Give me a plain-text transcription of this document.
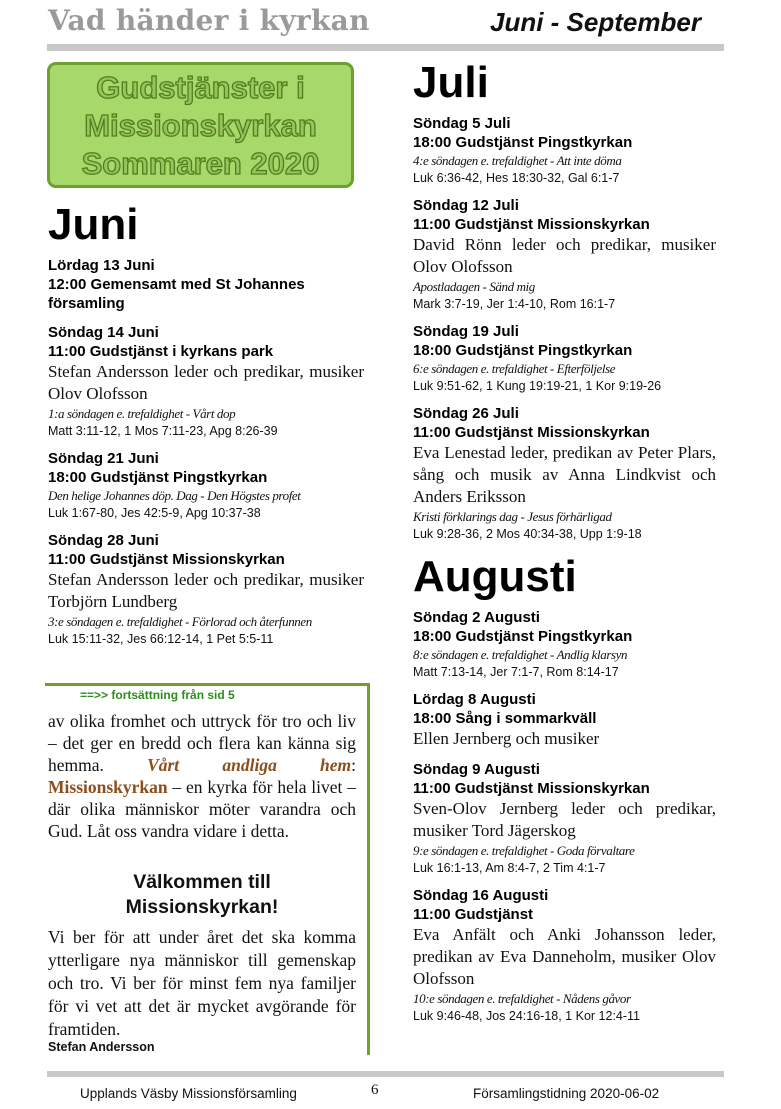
Vad händer i kyrkan	Juni - September
Gudstjänster i
Missionskyrkan
Sommaren 2020
Juni
Lördag 13 Juni
12:00 Gemensamt med St Johannes församling
Söndag 14 Juni
11:00 Gudstjänst i kyrkans park
Stefan Andersson leder och predikar, musiker Olov Olofsson
1:a söndagen e. trefaldighet - Vårt dop
Matt 3:11-12, 1 Mos 7:11-23, Apg 8:26-39
Söndag 21 Juni
18:00 Gudstjänst Pingstkyrkan
Den helige Johannes döp. Dag - Den Högstes profet
Luk 1:67-80, Jes 42:5-9, Apg 10:37-38
Söndag 28 Juni
11:00 Gudstjänst Missionskyrkan
Stefan Andersson leder och predikar, musiker Torbjörn Lundberg
3:e söndagen e. trefaldighet - Förlorad och återfunnen
Luk 15:11-32, Jes 66:12-14, 1 Pet 5:5-11
==>> fortsättning från sid 5
av olika fromhet och uttryck för tro och liv – det ger en bredd och flera kan känna sig hemma. Vårt andliga hem: Missionskyrkan – en kyrka för hela livet – där olika människor möter varandra och Gud. Låt oss vandra vidare i detta.
Välkommen till
Missionskyrkan!
Vi ber för att under året det ska komma ytterligare nya människor till gemenskap och tro. Vi ber för minst fem nya familjer för vi vet att det är mycket avgörande för framtiden.
Stefan Andersson
Juli
Söndag 5 Juli
18:00 Gudstjänst Pingstkyrkan
4:e söndagen e. trefaldighet - Att inte döma
Luk 6:36-42, Hes 18:30-32, Gal 6:1-7
Söndag 12 Juli
11:00 Gudstjänst Missionskyrkan
David Rönn leder och predikar, musiker Olov Olofsson
Apostladagen - Sänd mig
Mark 3:7-19, Jer 1:4-10, Rom 16:1-7
Söndag 19 Juli
18:00 Gudstjänst Pingstkyrkan
6:e söndagen e. trefaldighet - Efterföljelse
Luk 9:51-62, 1 Kung 19:19-21, 1 Kor 9:19-26
Söndag 26 Juli
11:00 Gudstjänst Missionskyrkan
Eva Lenestad leder, predikan av Peter Plars, sång och musik av Anna Lindkvist och Anders Eriksson
Kristi förklarings dag - Jesus förhärligad
Luk 9:28-36, 2 Mos 40:34-38, Upp 1:9-18
Augusti
Söndag 2 Augusti
18:00 Gudstjänst Pingstkyrkan
8:e söndagen e. trefaldighet - Andlig klarsyn
Matt 7:13-14, Jer 7:1-7, Rom 8:14-17
Lördag 8 Augusti
18:00 Sång i sommarkväll
Ellen Jernberg och musiker
Söndag 9 Augusti
11:00 Gudstjänst Missionskyrkan
Sven-Olov Jernberg leder och predikar, musiker Tord Jägerskog
9:e söndagen e. trefaldighet - Goda förvaltare
Luk 16:1-13, Am 8:4-7, 2 Tim 4:1-7
Söndag 16 Augusti
11:00 Gudstjänst
Eva Anfält och Anki Johansson leder, predikan av Eva Danneholm, musiker Olov Olofsson
10:e söndagen e. trefaldighet - Nådens gåvor
Luk 9:46-48, Jos 24:16-18, 1 Kor 12:4-11
Upplands Väsby Missionsförsamling	6	Församlingstidning 2020-06-02
